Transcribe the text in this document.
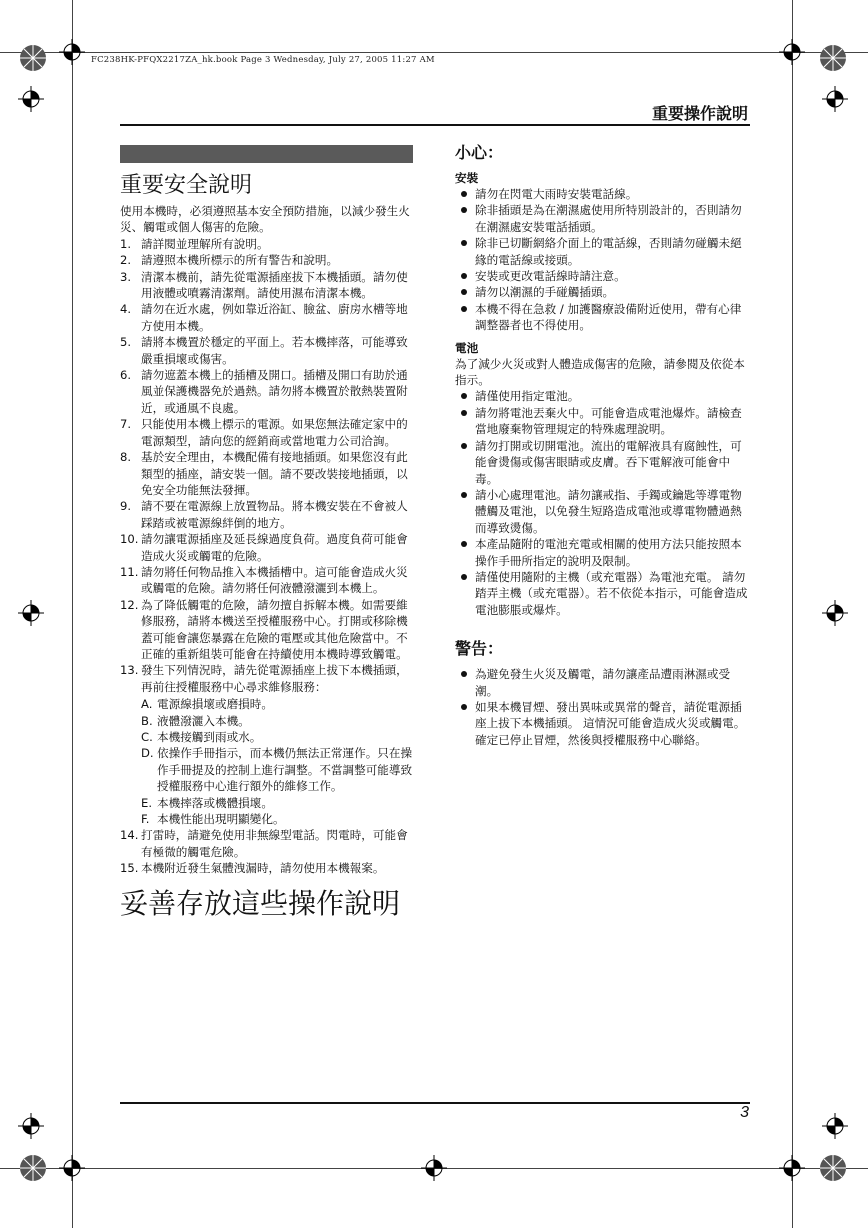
FC238HK-PFQX2217ZA_hk.book Page 3 Wednesday, July 27, 2005 11:27 AM
重要操作說明
重要安全說明

使用本機時，必須遵照基本安全預防措施，以減少發生火災、觸電或個人傷害的危險。

1. 請詳閱並理解所有說明。
2. 請遵照本機所標示的所有警告和說明。
3. 清潔本機前，請先從電源插座拔下本機插頭。請勿使用液體或噴霧清潔劑。請使用濕布清潔本機。
4. 請勿在近水處，例如靠近浴缸、臉盆、廚房水槽等地方使用本機。
5. 請將本機置於穩定的平面上。若本機摔落，可能導致嚴重損壞或傷害。
6. 請勿遮蓋本機上的插槽及開口。插槽及開口有助於通風並保護機器免於過熱。請勿將本機置於散熱裝置附近，或通風不良處。
7. 只能使用本機上標示的電源。如果您無法確定家中的電源類型，請向您的經銷商或當地電力公司洽詢。
8. 基於安全理由，本機配備有接地插頭。如果您沒有此類型的插座，請安裝一個。請不要改裝接地插頭，以免安全功能無法發揮。
9. 請不要在電源線上放置物品。將本機安裝在不會被人踩踏或被電源線絆倒的地方。
10. 請勿讓電源插座及延長線過度負荷。過度負荷可能會造成火災或觸電的危險。
11. 請勿將任何物品推入本機插槽中。這可能會造成火災或觸電的危險。請勿將任何液體潑灑到本機上。
12. 為了降低觸電的危險，請勿擅自拆解本機。如需要維修服務，請將本機送至授權服務中心。打開或移除機蓋可能會讓您暴露在危險的電壓或其他危險當中。不正確的重新組裝可能會在持續使用本機時導致觸電。
13. 發生下列情況時，請先從電源插座上拔下本機插頭，再前往授權服務中心尋求維修服務：
A. 電源線損壞或磨損時。
B. 液體潑灑入本機。
C. 本機接觸到雨或水。
D. 依操作手冊指示，而本機仍無法正常運作。只在操作手冊提及的控制上進行調整。不當調整可能導致授權服務中心進行額外的維修工作。
E. 本機摔落或機體損壞。
F. 本機性能出現明顯變化。
14. 打雷時，請避免使用非無線型電話。閃電時，可能會有極微的觸電危險。
15. 本機附近發生氣體洩漏時，請勿使用本機報案。
妥善存放這些操作說明
小心：
安裝
請勿在閃電大雨時安裝電話線。
除非插頭是為在潮濕處使用所特別設計的，否則請勿在潮濕處安裝電話插頭。
除非已切斷網絡介面上的電話線，否則請勿碰觸未絕緣的電話線或接頭。
安裝或更改電話線時請注意。
請勿以潮濕的手碰觸插頭。
本機不得在急救 / 加護醫療設備附近使用，帶有心律調整器者也不得使用。
電池

為了減少火災或對人體造成傷害的危險，請參閱及依從本指示。

請僅使用指定電池。
請勿將電池丟棄火中。可能會造成電池爆炸。請檢查當地廢棄物管理規定的特殊處理說明。
請勿打開或切開電池。流出的電解液具有腐蝕性，可能會燙傷或傷害眼睛或皮膚。吞下電解液可能會中毒。
請小心處理電池。請勿讓戒指、手鐲或鑰匙等導電物體觸及電池，以免發生短路造成電池或導電物體過熱而導致燙傷。
本產品隨附的電池充電或相關的使用方法只能按照本操作手冊所指定的說明及限制。
請僅使用隨附的主機（或充電器）為電池充電。 請勿踏弄主機（或充電器）。若不依從本指示，可能會造成電池膨脹或爆炸。
警告：
為避免發生火災及觸電，請勿讓產品遭雨淋濕或受潮。
如果本機冒煙、發出異味或異常的聲音，請從電源插座上拔下本機插頭。 這情況可能會造成火災或觸電。 確定已停止冒煙，然後與授權服務中心聯絡。
3
